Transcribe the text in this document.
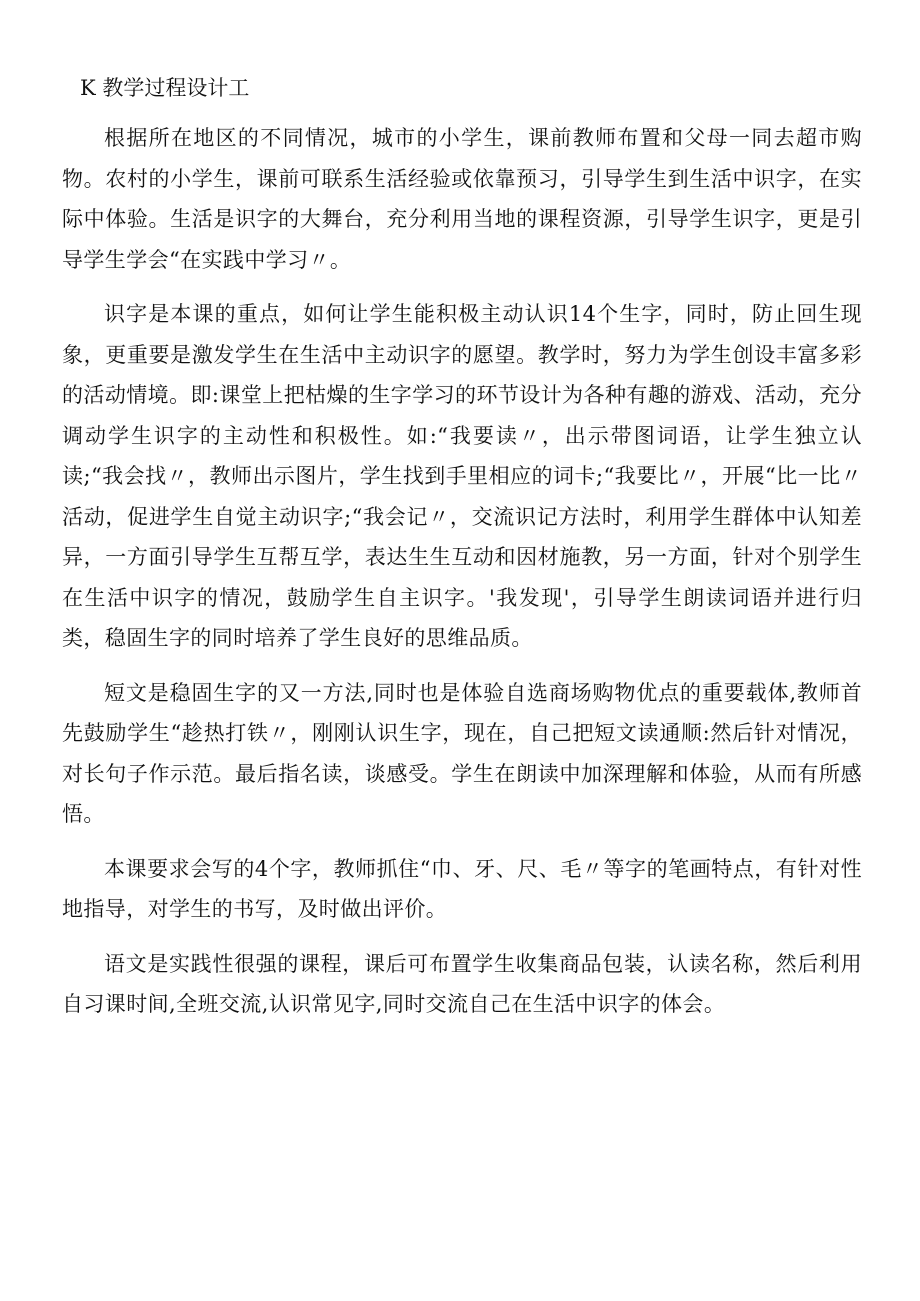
K 教学过程设计工

根据所在地区的不同情况，城市的小学生，课前教师布置和父母一同去超市购物。农村的小学生，课前可联系生活经验或依靠预习，引导学生到生活中识字，在实际中体验。生活是识字的大舞台，充分利用当地的课程资源，引导学生识字，更是引导学生学会“在实践中学习〃。

识字是本课的重点，如何让学生能积极主动认识14个生字，同时，防止回生现象，更重要是激发学生在生活中主动识字的愿望。教学时，努力为学生创设丰富多彩的活动情境。即:课堂上把枯燥的生字学习的环节设计为各种有趣的游戏、活动，充分调动学生识字的主动性和积极性。如:“我要读〃，出示带图词语，让学生独立认读;“我会找〃，教师出示图片，学生找到手里相应的词卡;“我要比〃，开展“比一比〃活动，促进学生自觉主动识字;“我会记〃，交流识记方法时，利用学生群体中认知差异，一方面引导学生互帮互学，表达生生互动和因材施教，另一方面，针对个别学生在生活中识字的情况，鼓励学生自主识字。'我发现'，引导学生朗读词语并进行归类，稳固生字的同时培养了学生良好的思维品质。

短文是稳固生字的又一方法,同时也是体验自选商场购物优点的重要载体,教师首先鼓励学生“趁热打铁〃，刚刚认识生字，现在，自己把短文读通顺:然后针对情况，对长句子作示范。最后指名读，谈感受。学生在朗读中加深理解和体验，从而有所感悟。

本课要求会写的4个字，教师抓住“巾、牙、尺、毛〃等字的笔画特点，有针对性地指导，对学生的书写，及时做出评价。

语文是实践性很强的课程，课后可布置学生收集商品包装，认读名称，然后利用自习课时间,全班交流,认识常见字,同时交流自己在生活中识字的体会。
